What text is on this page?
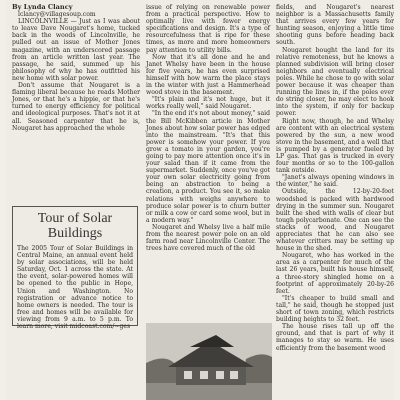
By Lynda Clancy

lclancy@villagesoup.com

LINCOLNVILLE — Just as I was about to leave Dave Nougaret's home, tucked back in the woods of Lincolnville, he pulled out an issue of Mother Jones magazine, with an underscored passage from an article written last year. The passage, he said, summed up his philosophy of why he has outfitted his new home with solar power.

Don't assume that Nougaret is a flaming liberal because he reads Mother Jones, or that he's a hippie, or that he's turned to energy efficiency for political and ideological purposes. That's not it at all. Seasoned carpenter that he is, Nougaret has approached the whole

Tour of Solar Buildings

The 2005 Tour of Solar Buildings in Central Maine, an annual event held by solar associations, will be held Saturday, Oct. 1 across the state. At the event, solar-powered homes will be opened to the public in Hope, Union and Washington. No registration or advance notice to home owners is needed. The tour is free and homes will be available for viewing from 9 a.m. to 5 p.m. To learn more, visit midcoast.com/~ges

issue of relying on renewable power from a practical perspective. How to optimally live with fewer energy specifications and design. It's a type of resourcefulness that is ripe for these times, as more and more homeowners pay attention to utility bills.

Now that it's all done and he and Janet Whelsy have been in the house for five years, he has even surprised himself with how warm the place stays in the winter with just a Hammerhead wood stove in the basement.

"It's plain and it's not huge, but it works really well," said Nougaret.

"In the end it's not about money," said the Bill McKibben article in Mother Jones about how solar power has edged into the mainstream. "It's that this power is somehow your power. If you grow a tomato in your garden, you're going to pay more attention once it's in your salad than if it came from the supermarket. Suddenly, once you've got your own solar electricity going from being an abstraction to being a creation, a product. You see it, so make relations with weighs anywhere to produce solar power is to churn butter or milk a cow or card some wool, but in a modern way."

Nougaret and Whelsy live a half mile from the nearest power pole on an old farm road near Lincolnville Center. The trees have covered much of the old

fields, and Nougaret's nearest neighbor is a Massachusetts family that arrives every few years for hunting season, enjoying a little time shooting guns before heading back south.

Nougaret bought the land for its relative remoteness, but he knows a planned subdivision will bring closer neighbors and eventually electrical poles. While he chose to go with solar power because it was cheaper than running the lines in, if the poles ever do string closer, he may elect to hook into the system, if only for backup power.

Right now, though, he and Whelsy are content with an electrical system powered by the sun, a new wood stove in the basement, and a well that is pumped by a generator fueled by LP gas. That gas is trucked in every four months or so to the 100-gallon tank outside.

"Janet's always opening windows in the winter," he said.

Outside, the 12-by-20-foot woodshed is packed with hardwood drying in the summer sun. Nougaret built the shed with walls of clear but tough polycarbonate. One can see the stacks of wood, and Nougaret appreciates that he can also see whatever critters may be setting up house in the shed.

Nougaret, who has worked in the area as a carpenter for much of the last 26 years, built his house himself, a three-story shingled home on a footprint of approximately 20-by-26 feet.

"It's cheaper to build small and tall," he said, though he stopped just short of town zoning, which restricts building heights to 32 feet.

The house rises tall up off the ground, and that is part of why it manages to stay so warm. He uses efficiently from the basement wood
